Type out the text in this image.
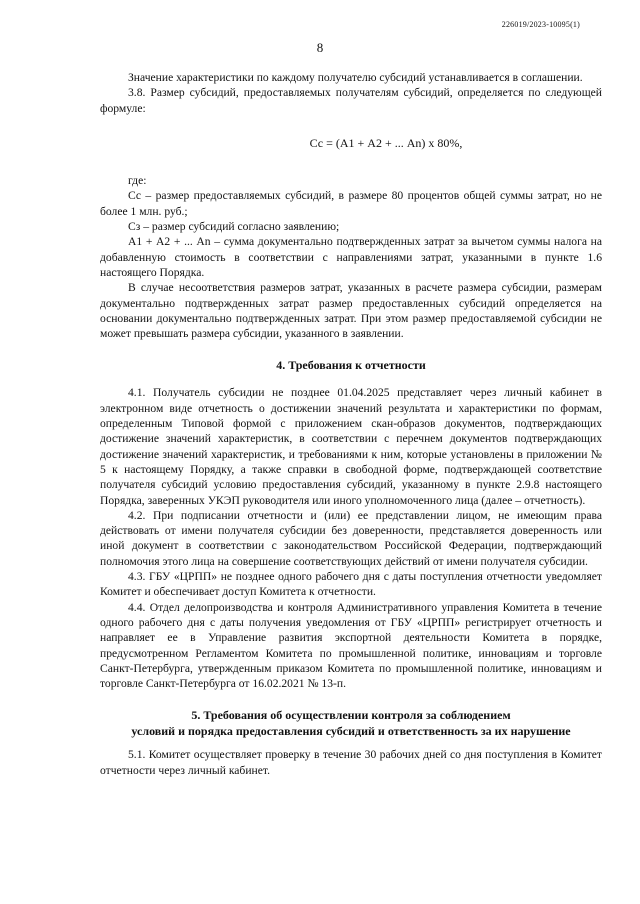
226019/2023-10095(1)
8

Значение характеристики по каждому получателю субсидий устанавливается в соглашении.

3.8. Размер субсидий, предоставляемых получателям субсидий, определяется по следующей формуле:

Сс = (А1 + А2 + ... Аn) х 80%,

где:

Сс – размер предоставляемых субсидий, в размере 80 процентов общей суммы затрат, но не более 1 млн. руб.;

Сз – размер субсидий согласно заявлению;

А1 + А2 + ... Аn – сумма документально подтвержденных затрат за вычетом суммы налога на добавленную стоимость в соответствии с направлениями затрат, указанными в пункте 1.6 настоящего Порядка.

В случае несоответствия размеров затрат, указанных в расчете размера субсидии, размерам документально подтвержденных затрат размер предоставленных субсидий определяется на основании документально подтвержденных затрат. При этом размер предоставляемой субсидии не может превышать размера субсидии, указанного в заявлении.

4. Требования к отчетности

4.1. Получатель субсидии не позднее 01.04.2025 представляет через личный кабинет в электронном виде отчетность о достижении значений результата и характеристики по формам, определенным Типовой формой с приложением скан-образов документов, подтверждающих достижение значений характеристик, в соответствии с перечнем документов подтверждающих достижение значений характеристик, и требованиями к ним, которые установлены в приложении № 5 к настоящему Порядку, а также справки в свободной форме, подтверждающей соответствие получателя субсидий условию предоставления субсидий, указанному в пункте 2.9.8 настоящего Порядка, заверенных УКЭП руководителя или иного уполномоченного лица (далее – отчетность).

4.2. При подписании отчетности и (или) ее представлении лицом, не имеющим права действовать от имени получателя субсидии без доверенности, представляется доверенность или иной документ в соответствии с законодательством Российской Федерации, подтверждающий полномочия этого лица на совершение соответствующих действий от имени получателя субсидии.

4.3. ГБУ «ЦРПП» не позднее одного рабочего дня с даты поступления отчетности уведомляет Комитет и обеспечивает доступ Комитета к отчетности.

4.4. Отдел делопроизводства и контроля Административного управления Комитета в течение одного рабочего дня с даты получения уведомления от ГБУ «ЦРПП» регистрирует отчетность и направляет ее в Управление развития экспортной деятельности Комитета в порядке, предусмотренном Регламентом Комитета по промышленной политике, инновациям и торговле Санкт-Петербурга, утвержденным приказом Комитета по промышленной политике, инновациям и торговле Санкт-Петербурга от 16.02.2021 № 13-п.

5. Требования об осуществлении контроля за соблюдением

условий и порядка предоставления субсидий и ответственность за их нарушение

5.1. Комитет осуществляет проверку в течение 30 рабочих дней со дня поступления в Комитет отчетности через личный кабинет.
